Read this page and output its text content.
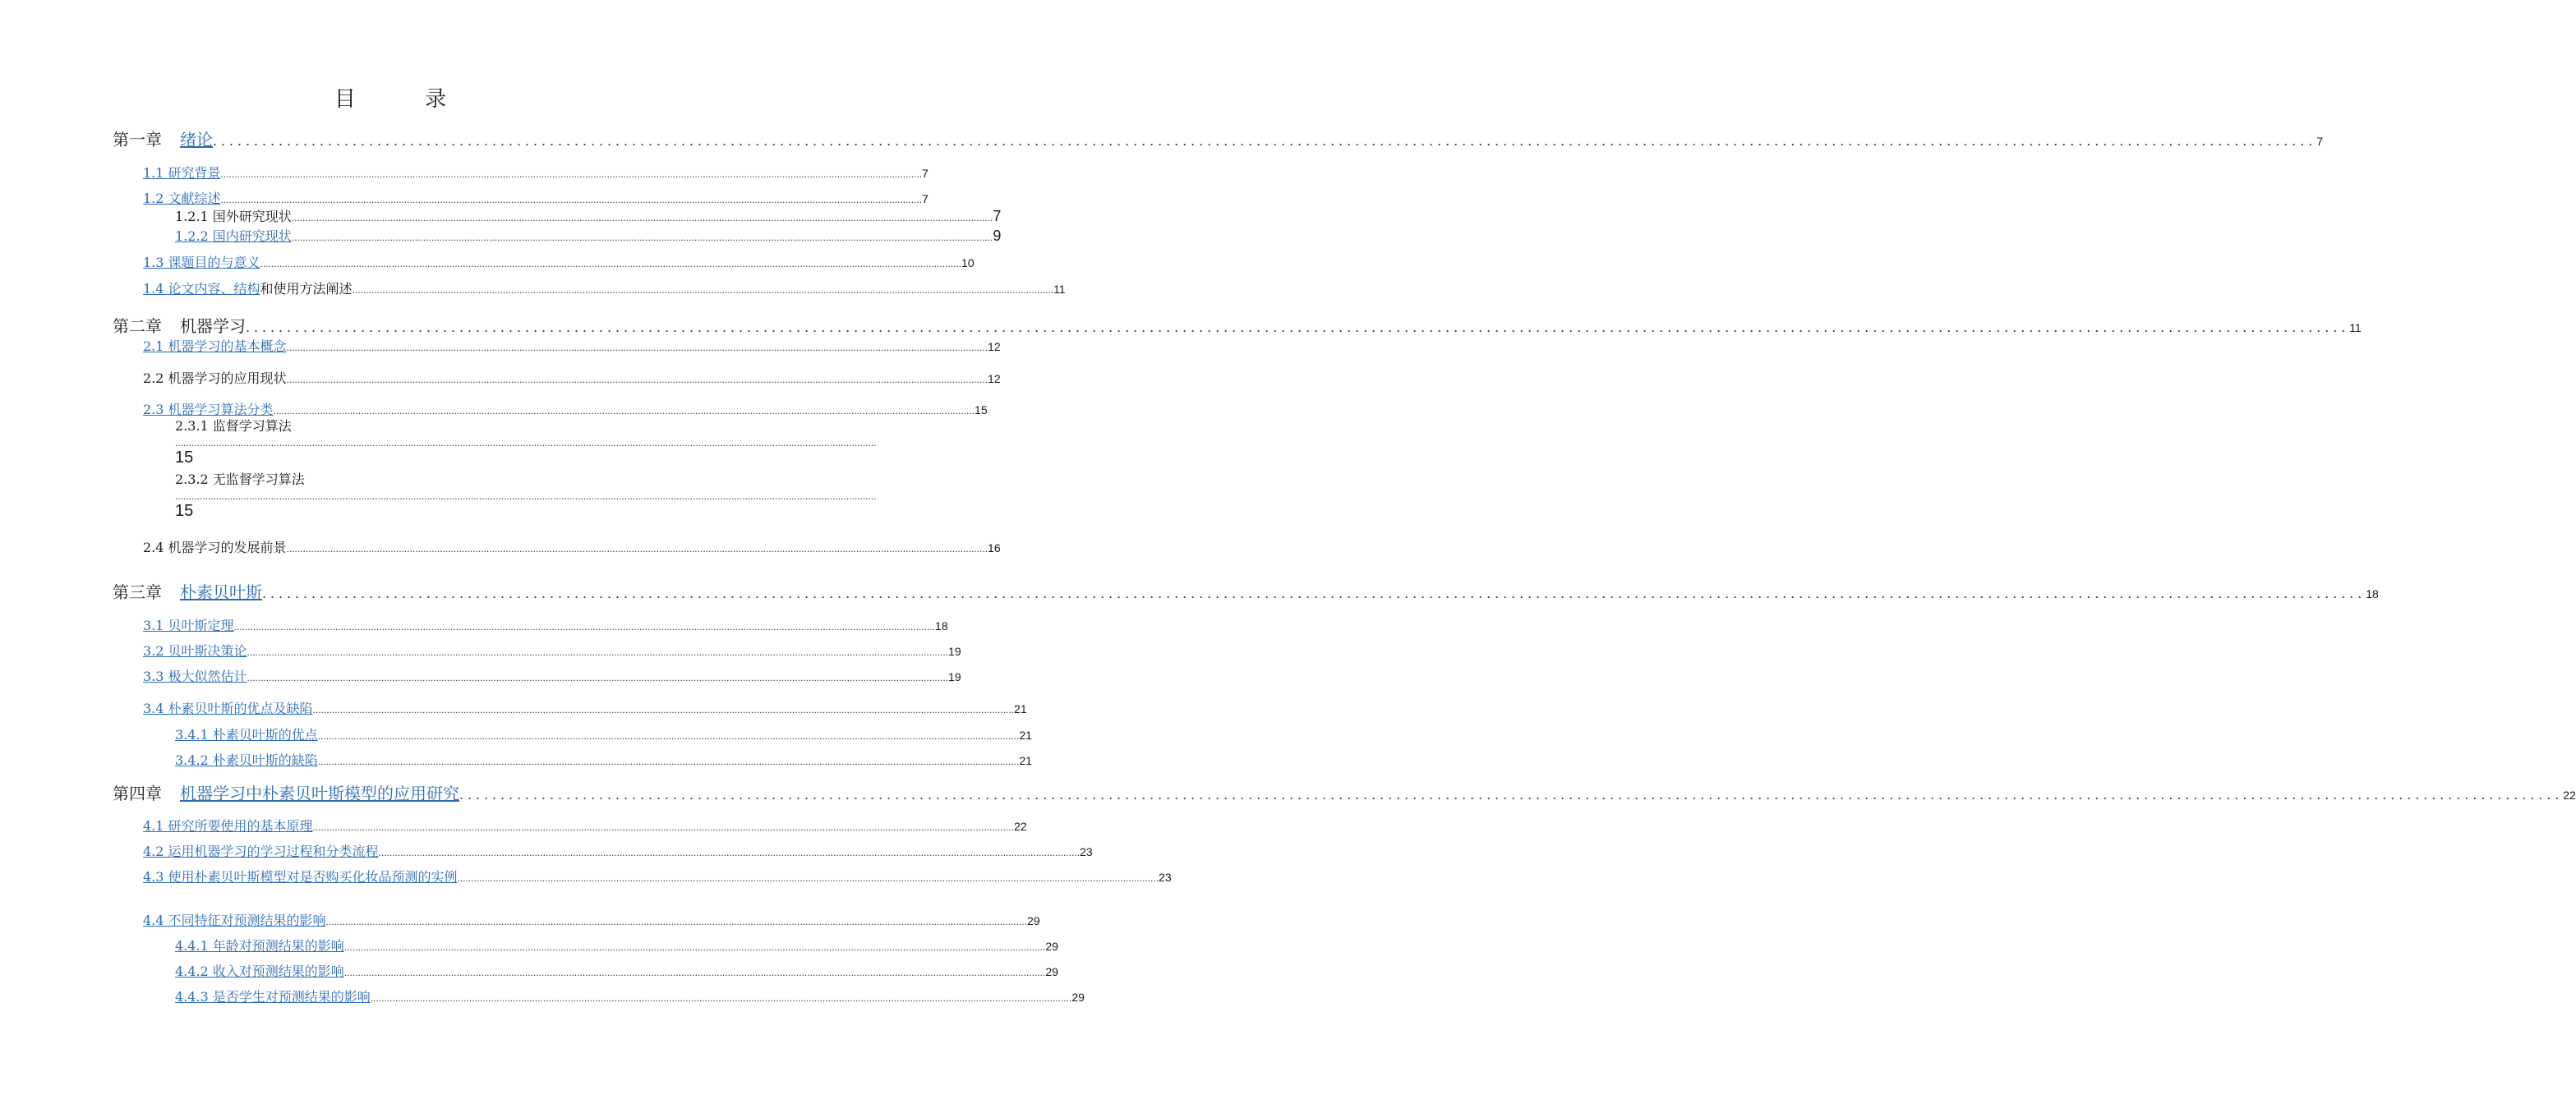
目 录
第一章 绪论 ................................................................................................................................................................................................................................................................ 7
1.1 研究背景 ................................................................................................................................................................................................................................................................ 7
1.2 文献综述 ................................................................................................................................................................................................................................................................ 7
1.2.1 国外研究现状 ................................................................................................................................................................................................................................................................ 7
1.2.2 国内研究现状 ................................................................................................................................................................................................................................................................ 9
1.3 课题目的与意义 ................................................................................................................................................................................................................................................................ 10
1.4 论文内容、结构 和使用方法阐述 ................................................................................................................................................................................................................................................................ 11
第二章 机器学习 ................................................................................................................................................................................................................................................................ 11
2.1 机器学习的基本概念 ................................................................................................................................................................................................................................................................ 12
2.2 机器学习的应用现状 ................................................................................................................................................................................................................................................................ 12
2.3 机器学习算法分类 ................................................................................................................................................................................................................................................................ 15
2.3.1 监督学习算法
................................................................................................................................................................................................................................................................
15
2.3.2 无监督学习算法
................................................................................................................................................................................................................................................................
15
2.4 机器学习的发展前景 ................................................................................................................................................................................................................................................................ 16
第三章 朴素贝叶斯 ................................................................................................................................................................................................................................................................ 18
3.1 贝叶斯定理 ................................................................................................................................................................................................................................................................ 18
3.2 贝叶斯决策论 ................................................................................................................................................................................................................................................................ 19
3.3 极大似然估计 ................................................................................................................................................................................................................................................................ 19
3.4 朴素贝叶斯的优点及缺陷 ................................................................................................................................................................................................................................................................ 21
3.4.1 朴素贝叶斯的优点 ................................................................................................................................................................................................................................................................ 21
3.4.2 朴素贝叶斯的缺陷 ................................................................................................................................................................................................................................................................ 21
第四章 机器学习中朴素贝叶斯模型的应用研究 ................................................................................................................................................................................................................................................................ 22
4.1 研究所要使用的基本原理 ................................................................................................................................................................................................................................................................ 22
4.2 运用机器学习的学习过程和分类流程 ................................................................................................................................................................................................................................................................ 23
4.3 使用朴素贝叶斯模型对是否购买化妆品预测的实例 ................................................................................................................................................................................................................................................................ 23
4.4 不同特征对预测结果的影响 ................................................................................................................................................................................................................................................................ 29
4.4.1 年龄对预测结果的影响 ................................................................................................................................................................................................................................................................ 29
4.4.2 收入对预测结果的影响 ................................................................................................................................................................................................................................................................ 29
4.4.3 是否学生对预测结果的影响 ................................................................................................................................................................................................................................................................ 29
